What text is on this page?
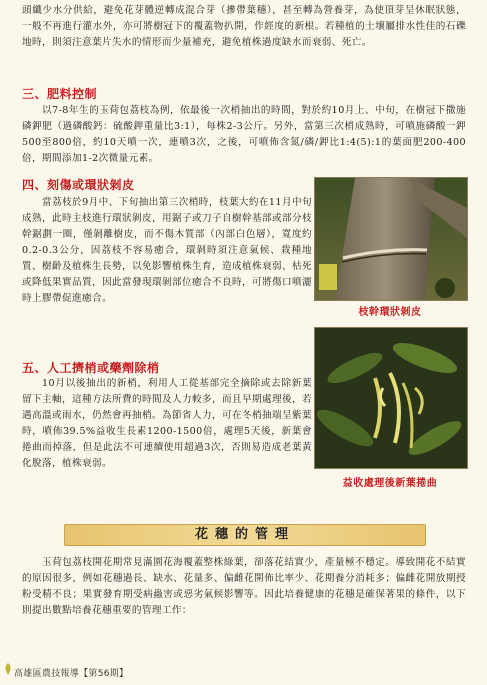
頭纖少水分供給，避免花芽體逆轉成混合芽（摻帶葉穗），甚至轉為營養芽，為使頂芽呈休眠狀態，一般不再進行灌水外，亦可將樹冠下的覆蓋物扒開，作經度的新根。若種植的土壤屬排水性佳的石礫地時，則須注意葉片失水的情形而少量補充，避免植株過度缺水而衰弱、死亡。

三、肥料控制

以7-8年生的玉荷包荔枝為例，依最後一次梢抽出的時間，對於約10月上、中旬，在樹冠下撒施磷鉀肥（過磷酸鈣：硫酸鉀重量比3:1），每株2-3公斤。另外，當第三次梢成熟時，可噴施磷酸一鉀500至800倍，約10天噴一次，連噴3次，之後，可噴佈含氮/磷/鉀比1:4(5):1的葉面肥200-400倍，期間添加1-2次微量元素。

四、刻傷或環狀剝皮

當荔枝於9月中、下旬抽出第三次梢時，枝葉大約在11月中旬成熟，此時主枝進行環狀剝皮，用鋸子或刀子自樹幹基部或部分枝幹鋸劃一圈，僅剝離樹皮，而不傷木質部（內部白色層），寬度約0.2-0.3公分，因荔枝不容易癒合，環剝時須注意氣候、栽種地質、樹齡及植株生長勢，以免影響植株生育，造成植株衰弱、枯死或降低果實品質，因此當發現環剝部位癒合不良時，可將傷口噴灑時上膠帶促進癒合。

枝幹環狀剝皮
五、人工擠梢或藥劑除梢

10月以後抽出的新梢，利用人工從基部完全摘除或去除新葉留下主軸，這種方法所費的時間及人力較多，而且早期處理後，若遇高溫或雨水，仍然會再抽梢。為節省人力，可在冬梢抽端呈紫葉時，噴佈39.5%益收生長素1200-1500倍，處理5天後，新葉會捲曲而掉落，但是此法不可連續使用超過3次，否則易造成老葉黃化脫落，植株衰弱。

益收處理後新葉捲曲
花穗的管理

玉荷包荔枝開花期常見滿園花海覆蓋整株綠葉，卻落花結實少，產量極不穩定。導致開花不結實的原因很多，例如花穗過長、缺水、花量多、偏雌花開佈比率少、花期養分消耗多；偏雌花開放期授粉受精不良；果實發育期受病蟲害或惡劣氣候影響等。因此培養健康的花穗是確保著果的條件，以下則提出數點培養花穗重要的管理工作：

高雄區農技報導【第56期】
